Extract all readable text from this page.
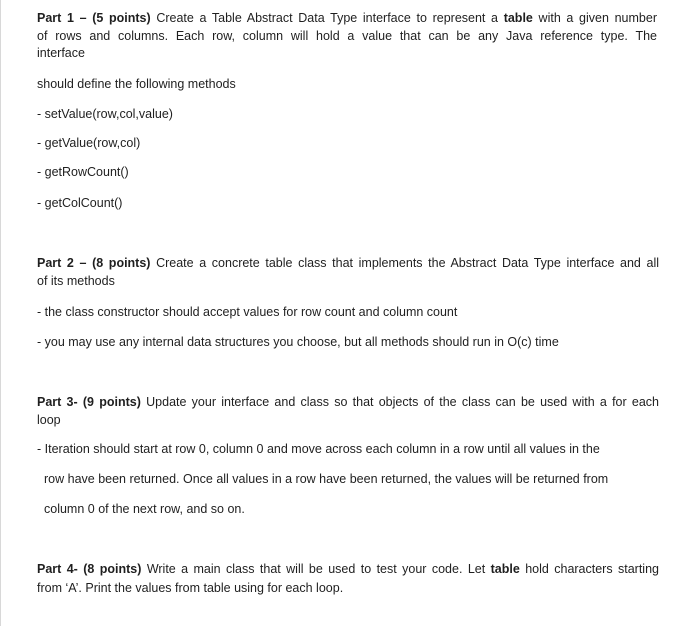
Part 1 – (5 points) Create a Table Abstract Data Type interface to represent a table with a given number
of rows and columns. Each row, column will hold a value that can be any Java reference type. The
interface
should define the following methods
- setValue(row,col,value)
- getValue(row,col)
- getRowCount()
- getColCount()
Part 2 – (8 points) Create a concrete table class that implements the Abstract Data Type interface and all
of its methods
- the class constructor should accept values for row count and column count
- you may use any internal data structures you choose, but all methods should run in O(c) time
Part 3- (9 points) Update your interface and class so that objects of the class can be used with a for each
loop
- Iteration should start at row 0, column 0 and move across each column in a row until all values in the
row have been returned. Once all values in a row have been returned, the values will be returned from
column 0 of the next row, and so on.
Part 4- (8 points) Write a main class that will be used to test your code. Let table hold characters starting
from ‘A’. Print the values from table using for each loop.
